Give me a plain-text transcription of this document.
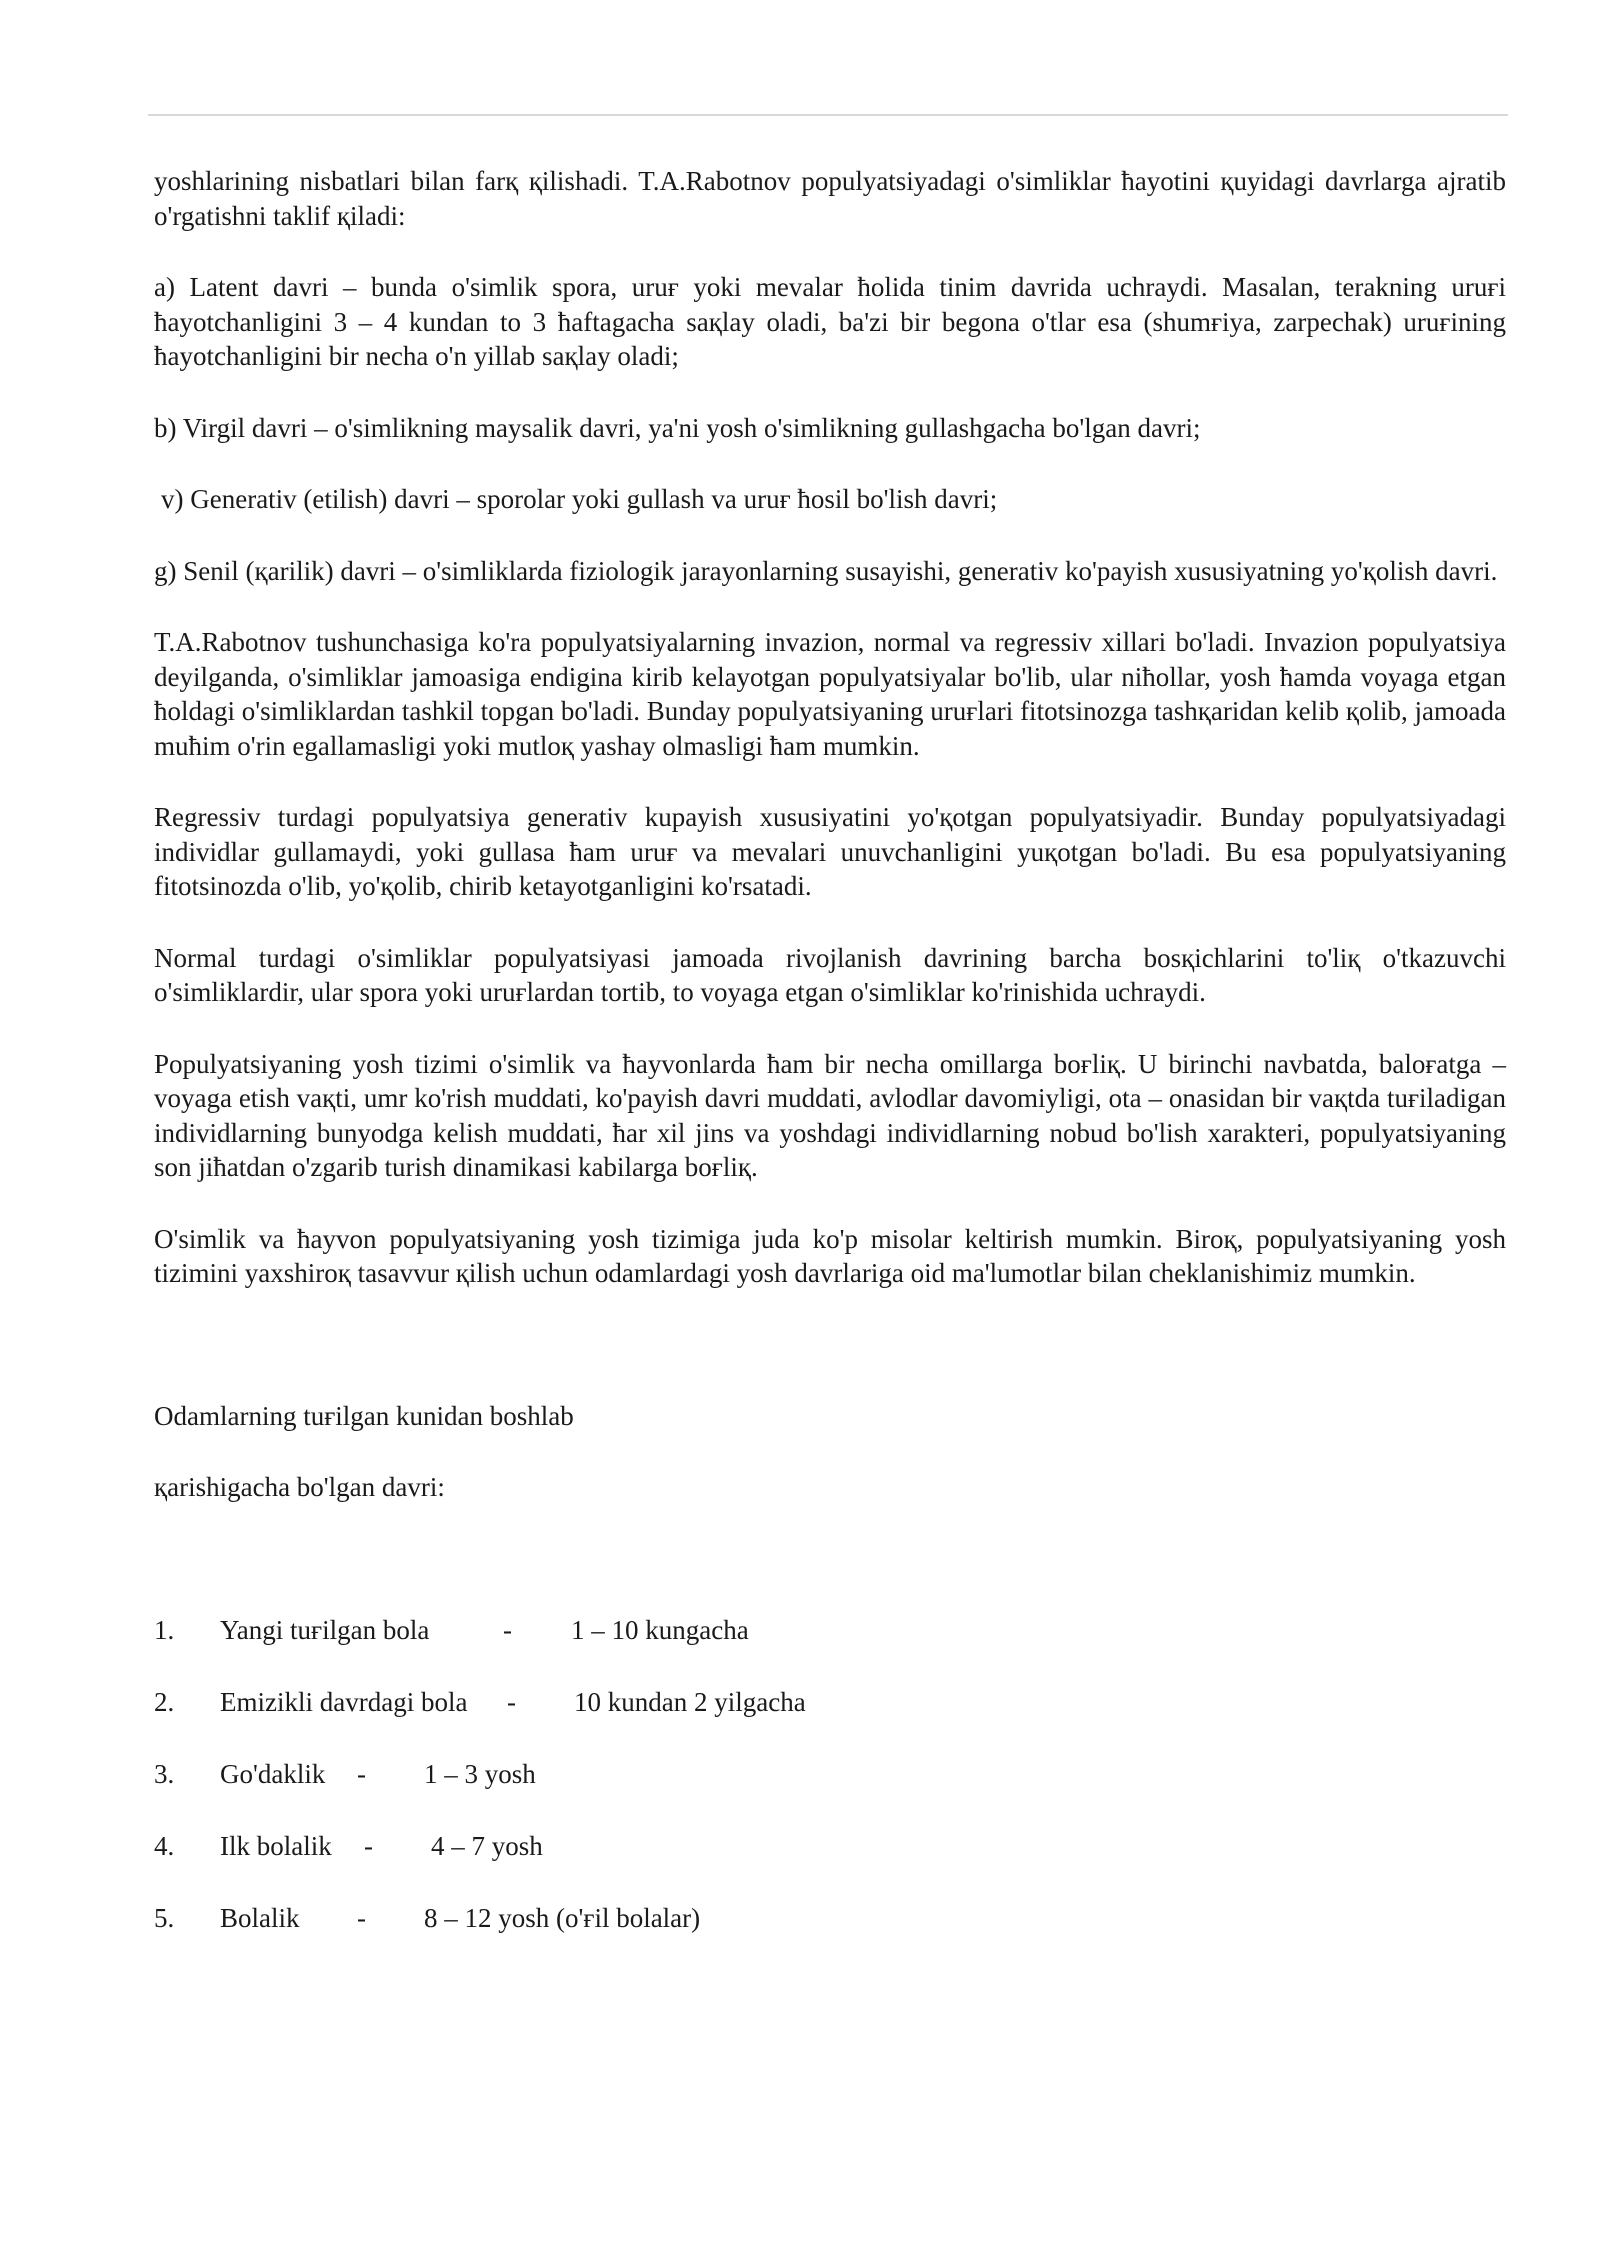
yoshlarining nisbatlari bilan farқ қilishadi. T.A.Rabotnov populyatsiyadagi o'simliklar ħayotini қuyidagi davrlarga ajratib o'rgatishni taklif қiladi:

a) Latent davri – bunda o'simlik spora, uruғ yoki mevalar ħolida tinim davrida uchraydi. Masalan, terakning uruғi ħayotchanligini 3 – 4 kundan to 3 ħaftagacha saқlay oladi, ba'zi bir begona o'tlar esa (shumғiya, zarpechak) uruғining ħayotchanligini bir necha o'n yillab saқlay oladi;

b) Virgil davri – o'simlikning maysalik davri, ya'ni yosh o'simlikning gullashgacha bo'lgan davri;

v) Generativ (etilish) davri – sporolar yoki gullash va uruғ ħosil bo'lish davri;

g) Senil (қarilik) davri – o'simliklarda fiziologik jarayonlarning susayishi, generativ ko'payish xususiyatning yo'қolish davri.

T.A.Rabotnov tushunchasiga ko'ra populyatsiyalarning invazion, normal va regressiv xillari bo'ladi. Invazion populyatsiya deyilganda, o'simliklar jamoasiga endigina kirib kelayotgan populyatsiyalar bo'lib, ular niħollar, yosh ħamda voyaga etgan ħoldagi o'simliklardan tashkil topgan bo'ladi. Bunday populyatsiyaning uruғlari fitotsinozga tashқaridan kelib қolib, jamoada muħim o'rin egallamasligi yoki mutloқ yashay olmasligi ħam mumkin.

Regressiv turdagi populyatsiya generativ kupayish xususiyatini yo'қotgan populyatsiyadir. Bunday populyatsiyadagi individlar gullamaydi, yoki gullasa ħam uruғ va mevalari unuvchanligini yuқotgan bo'ladi. Bu esa populyatsiyaning fitotsinozda o'lib, yo'қolib, chirib ketayotganligini ko'rsatadi.

Normal turdagi o'simliklar populyatsiyasi jamoada rivojlanish davrining barcha bosқichlarini to'liқ o'tkazuvchi o'simliklardir, ular spora yoki uruғlardan tortib, to voyaga etgan o'simliklar ko'rinishida uchraydi.

Populyatsiyaning yosh tizimi o'simlik va ħayvonlarda ħam bir necha omillarga boғliқ. U birinchi navbatda, baloғatga – voyaga etish vaқti, umr ko'rish muddati, ko'payish davri muddati, avlodlar davomiyligi, ota – onasidan bir vaқtda tuғiladigan individlarning bunyodga kelish muddati, ħar xil jins va yoshdagi individlarning nobud bo'lish xarakteri, populyatsiyaning son jiħatdan o'zgarib turish dinamikasi kabilarga boғliқ.

O'simlik va ħayvon populyatsiyaning yosh tizimiga juda ko'p misolar keltirish mumkin. Biroқ, populyatsiyaning yosh tizimini yaxshiroқ tasavvur қilish uchun odamlardagi yosh davrlariga oid ma'lumotlar bilan cheklanishimiz mumkin.

Odamlarning tuғilgan kunidan boshlab

қarishigacha bo'lgan davri:

1. Yangi tuғilgan bola	- 1 – 10 kungacha
2. Emizikli davrdagi bola - 10 kundan 2 yilgacha
3. Go'daklik - 1 – 3 yosh
4. Ilk bolalik - 4 – 7 yosh
5. Bolalik - 8 – 12 yosh (o'ғil bolalar)
